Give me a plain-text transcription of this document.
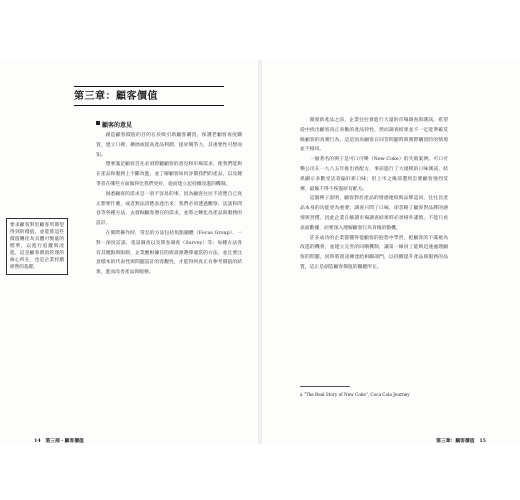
要求顧客對於顧客所期望得到的價值，並能將這些價值轉化為具體可衡量的標準，以進行追蹤與改進，這是顧客價值管理的核心所在，也是企業持續經營的基礎。
第三章：顧客價值
顧客的意見

創造顧客價值的目的在於吸引新顧客購買，保護老顧客再度購買，建立口碑，擴展或提高產品利潤，提昇競爭力，其重要性可想而知。

想要滿足顧客首先必須聆聽顧客的意見和市場需求，使我們能夠在產品和服務上不斷改進，並了解顧客如何評價我們的產品，以及競爭者在哪些方面做得比我們更好，從而建立起持續改進的機制。

洞悉顧客的需求是一項不容易的事，因為顧客往往不清楚自己真正想要什麼，或者無法清楚表達出來；我們必須透過觀察、訪談和問卷等各種方法，去發掘顧客潛在的需求，並將之轉化為產品與服務的設計。

在實際操作時，常見的方法包括焦點團體（Focus Group）、一對一深度訪談、電話調查以及問卷調查（Survey）等；每種方法各有其優點與限制，企業應根據目的與資源選擇適當的方法，並且要注意樣本的代表性與問題設計的客觀性，才能得到真正有參考價值的結果，進而改善產品與服務。

開發新產品之前，企業往往會進行大量的市場調查與測試，希望從中找出顧客真正喜歡的產品特性，然而調查結果並不一定能準確反映顧客的真實行為，這是因為顧客在回答問題時與實際購買時的情境並不相同。

一個著名的例子是可口可樂（New Coke）的失敗案例。可口可樂公司在一九八五年推出新配方，事前進行了大規模的口味測試，結果顯示多數受訪者偏好新口味；但上市之後卻遭到忠實顧客強烈反彈，最後不得不恢復原有配方。

這個例子說明，顧客對於產品的情感連結與品牌認同，往往比產品本身的功能更為重要；調查只問了口味，卻忽略了顧客對品牌的感情與習慣，因此企業在解讀市場調查結果時必須格外謹慎，不能只看表面數據，而要深入理解顧客行為背後的動機。

許多成功的企業都懂得從顧客的抱怨中學習，把顧客的不滿視為改進的機會，並建立完善的回饋機制，讓第一線員工能夠迅速處理顧客的問題，同時將資訊傳達給相關部門，以持續提升產品與服務的品質，這正是創造顧客價值的關鍵所在。

a "The Real Story of New Coke", Coca Cola Journey
14　第三部・顧客價值	第三章：顧客價值　15
